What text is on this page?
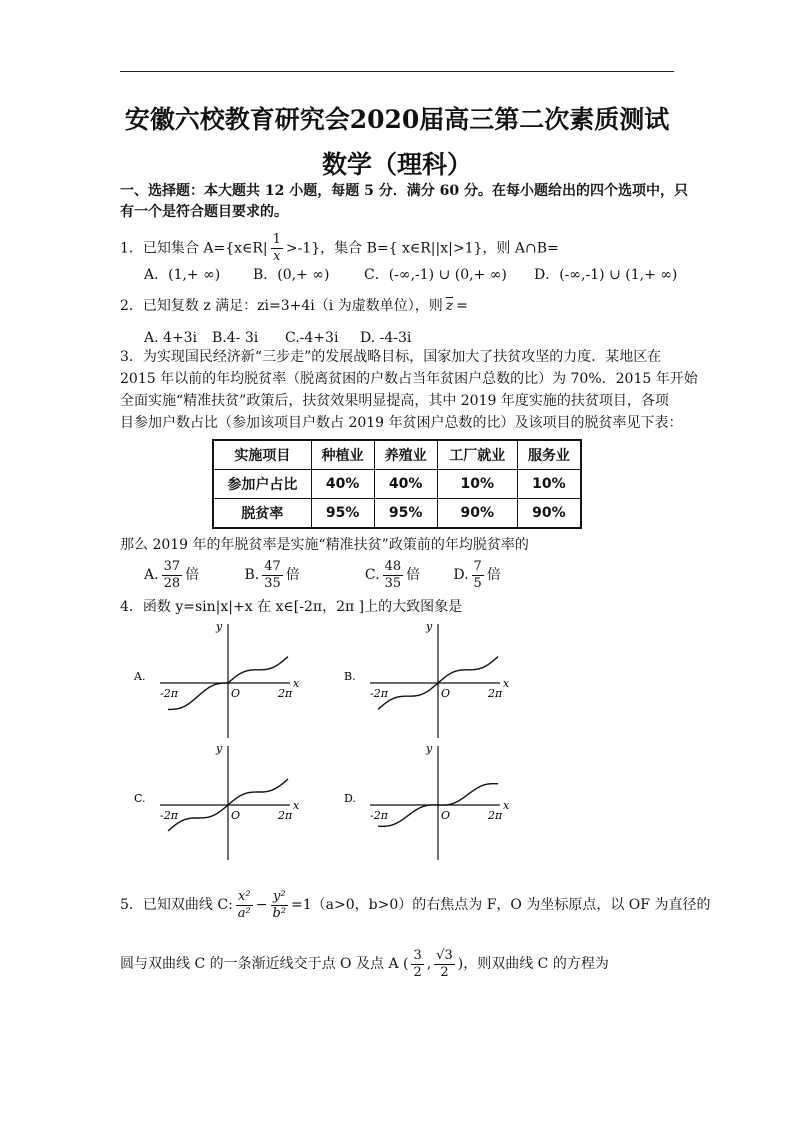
安徽六校教育研究会2020届高三第二次素质测试
数学（理科）
一、选择题：本大题共 12 小题，每题 5 分．满分 60 分。在每小题给出的四个选项中，只
有一个是符合题目要求的。
1．已知集合 A={x∈R| $\frac{1}{x} >-1$}，集合 B={ x∈R||x|>1}，则 A∩B=
A．(1,+ ∞) B．(0,+ ∞) C．(-∞,-1) ∪ (0,+ ∞) D．(-∞,-1) ∪ (1,+ ∞)
2．已知复数 z 满足：zi=3+4i（i 为虚数单位），则 $\overline{z}$ =
A. 4+3i B.4- 3i C.-4+3i D. -4-3i
3．为实现国民经济新“三步走”的发展战略目标，国家加大了扶贫攻坚的力度．某地区在
2015 年以前的年均脱贫率（脱离贫困的户数占当年贫困户总数的比）为 70%．2015 年开始
全面实施“精准扶贫”政策后，扶贫效果明显提高，其中 2019 年度实施的扶贫项目，各项
目参加户数占比（参加该项目户数占 2019 年贫困户总数的比）及该项目的脱贫率见下表：
实施项目	种植业	养殖业	工厂就业	服务业
参加户占比	40%	40%	10%	10%
脱贫率	95%	95%	90%	90%
那么 2019 年的年脱贫率是实施“精准扶贫”政策前的年均脱贫率的
A. $\frac{37}{28}$ 倍	B. $\frac{47}{35}$ 倍	C. $\frac{48}{35}$ 倍 D. $\frac{7}{5}$ 倍
4．函数 y=sin|x|+x 在 x∈[-2π，2π ]上的大致图象是
A.
-2π	2π
O
x
y
B.
-2π	2π
O
x
y
C.
-2π	2π
O
x
y
D.
-2π	2π
O
x
y
5．已知双曲线 C: $\frac{\text{x²}}{\text{a²}} - \frac{\text{y²}}{\text{b²}} =1(a>0$，b>0）的右焦点为 F，O 为坐标原点，以 OF 为直径的
圆与双曲线 C 的一条渐近线交于点 O 及点 A ( $\frac{3}{2}$ , $\frac{√3}{2}$ )，则双曲线 C 的方程为
